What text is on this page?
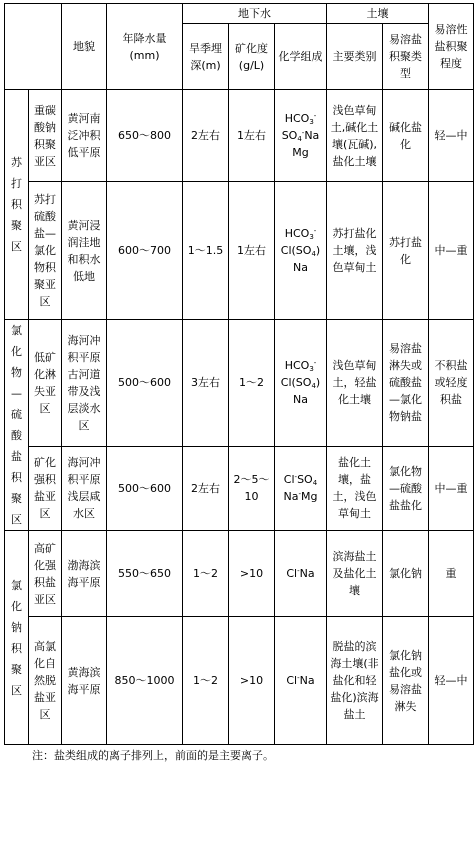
		地貌	年降水量
(mm)	地下水			土壤		易溶性盐积聚程度
				旱季埋深(m)	矿化度(g/L)	化学组成	主要类别	易溶盐积聚类型	

苏打积聚区	重碳酸钠积聚亚区	黄河南泛冲积低平原	650～800	2左右	1左右	$HCO_3^-$
$SO_4^-Na$
Mg	浅色草甸土,碱化土壤(瓦碱),盐化土壤	碱化盐化	轻—中
	苏打硫酸盐—氯化物积聚亚区	黄河浸润洼地和积水低地	600～700	1～1.5	1左右	$HCO_3^-$
$Cl(SO_4)$
Na	苏打盐化土壤，浅色草甸土	苏打盐化	中—重

氯化物—硫酸盐积聚区	低矿化淋失亚区	海河冲积平原古河道带及浅层淡水区	500～600	3左右	1～2	$HCO_3^-$
$Cl(SO_4)$
Na	浅色草甸土，轻盐化土壤	易溶盐淋失或硫酸盐—氯化物钠盐	不积盐或轻度积盐
	矿化强积盐亚区	海河冲积平原浅层咸水区	500～600	2左右	2～5～10	$Cl^-SO_4$
Na-Mg	盐化土壤，盐土，浅色草甸土	氯化物—硫酸盐盐化	中—重

氯化钠积聚区	高矿化强积盐亚区	渤海滨海平原	550～650	1～2	>10	Cl-Na	滨海盐土及盐化土壤	氯化钠	重
	高氯化自然脱盐亚区	黄海滨海平原	850～1000	1～2	>10	Cl-Na	脱盐的滨海土壤(非盐化和轻盐化)滨海盐土	氯化钠盐化或易溶盐淋失	轻—中
注：盐类组成的离子排列上，前面的是主要离子。
